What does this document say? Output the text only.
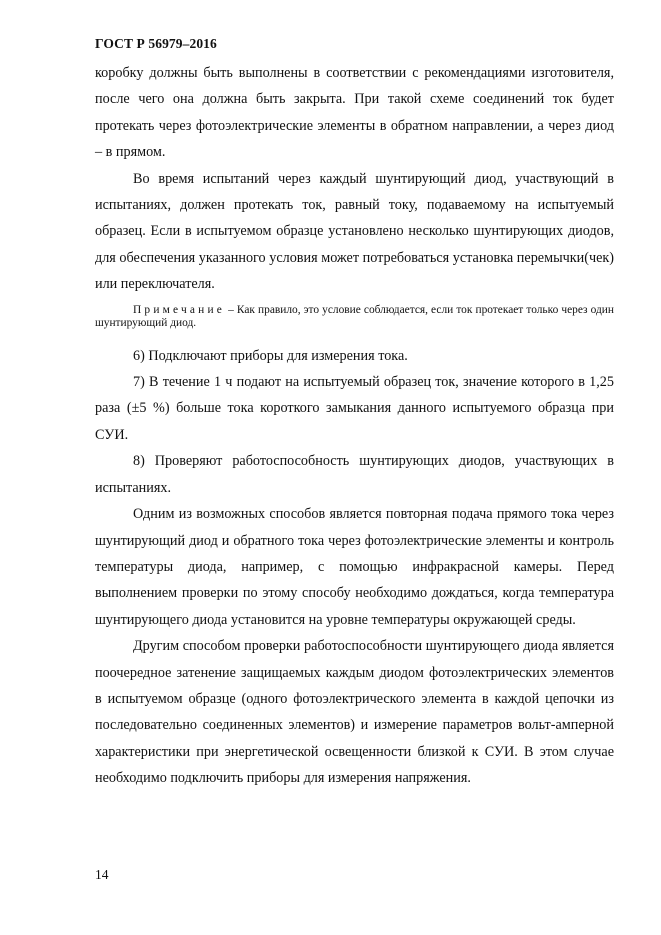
ГОСТ Р 56979–2016

коробку должны быть выполнены в соответствии с рекомендациями изготовителя, после чего она должна быть закрыта. При такой схеме соединений ток будет протекать через фотоэлектрические элементы в обратном направлении, а через диод – в прямом.

Во время испытаний через каждый шунтирующий диод, участвующий в испытаниях, должен протекать ток, равный току, подаваемому на испытуемый образец. Если в испытуемом образце установлено несколько шунтирующих диодов, для обеспечения указанного условия может потребоваться установка перемычки(чек) или переключателя.

Примечание – Как правило, это условие соблюдается, если ток протекает только через один шунтирующий диод.

6) Подключают приборы для измерения тока.

7) В течение 1 ч подают на испытуемый образец ток, значение которого в 1,25 раза (±5 %) больше тока короткого замыкания данного испытуемого образца при СУИ.

8) Проверяют работоспособность шунтирующих диодов, участвующих в испытаниях.

Одним из возможных способов является повторная подача прямого тока через шунтирующий диод и обратного тока через фотоэлектрические элементы и контроль температуры диода, например, с помощью инфракрасной камеры. Перед выполнением проверки по этому способу необходимо дождаться, когда температура шунтирующего диода установится на уровне температуры окружающей среды.

Другим способом проверки работоспособности шунтирующего диода является поочередное затенение защищаемых каждым диодом фотоэлектрических элементов в испытуемом образце (одного фотоэлектрического элемента в каждой цепочки из последовательно соединенных элементов) и измерение параметров вольт-амперной характеристики при энергетической освещенности близкой к СУИ. В этом случае необходимо подключить приборы для измерения напряжения.

14
